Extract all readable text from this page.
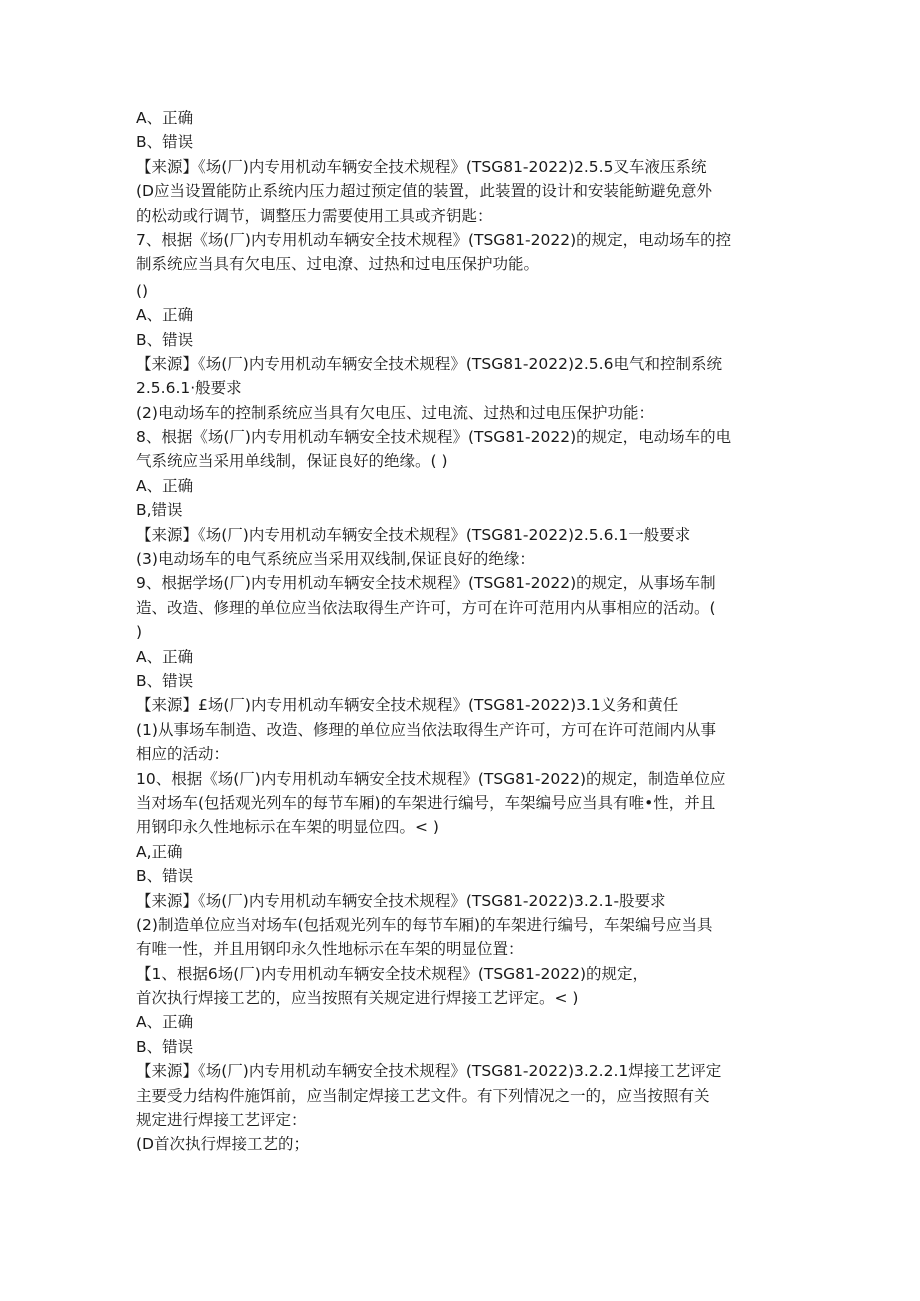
A、正确

B、错误

【来源】《场(厂)内专用机动车辆安全技术规程》(TSG81-2022)2.5.5叉车液压系统

(D应当设置能防止系统内压力超过预定值的装置，此装置的设计和安装能鲂避免意外

的松动或行调节，调整压力需要使用工具或齐钥匙：

7、根据《场(厂)内专用机动车辆安全技术规程》(TSG81-2022)的规定，电动场车的控

制系统应当具有欠电压、过电潦、过热和过电压保护功能。

()

A、正确

B、错误

【来源】《场(厂)内专用机动车辆安全技术规程》(TSG81-2022)2.5.6电气和控制系统

2.5.6.1·般要求

(2)电动场车的控制系统应当具有欠电压、过电流、过热和过电压保护功能：

8、根据《场(厂)内专用机动车辆安全技术规程》(TSG81-2022)的规定，电动场车的电

气系统应当采用单线制，保证良好的绝缘。( )

A、正确

B,错误

【来源】《场(厂)内专用机动车辆安全技术规程》(TSG81-2022)2.5.6.1一般要求

(3)电动场车的电气系统应当采用双线制,保证良好的绝缘：

9、根据学场(厂)内专用机动车辆安全技术规程》(TSG81-2022)的规定，从事场车制

造、改造、修理的单位应当依法取得生产许可，方可在许可范用内从事相应的活动。(

)

A、正确

B、错误

【来源】£场(厂)内专用机动车辆安全技术规程》(TSG81-2022)3.1义务和黄任

(1)从事场车制造、改造、修理的单位应当依法取得生产许可，方可在许可范闹内从事

相应的活动：

10、根据《场(厂)内专用机动车辆安全技术规程》(TSG81-2022)的规定，制造单位应

当对场车(包括观光列车的每节车厢)的车架进行编号，车架编号应当具有唯•性，并且

用钢印永久性地标示在车架的明显位四。< )

A,正确

B、错误

【来源】《场(厂)内专用机动车辆安全技术规程》(TSG81-2022)3.2.1-股要求

(2)制造单位应当对场车(包括观光列车的每节车厢)的车架进行编号，车架编号应当具

有唯一性，并且用钢印永久性地标示在车架的明显位置：

【1、根据6场(厂)内专用机动车辆安全技术规程》(TSG81-2022)的规定，

首次执行焊接工艺的，应当按照有关规定进行焊接工艺评定。< )

A、正确

B、错误

【来源】《场(厂)内专用机动车辆安全技术规程》(TSG81-2022)3.2.2.1焊接工艺评定

主要受力结构件施饵前，应当制定焊接工艺文件。有下列情况之一的，应当按照有关

规定进行焊接工艺评定：

(D首次执行焊接工艺的；
